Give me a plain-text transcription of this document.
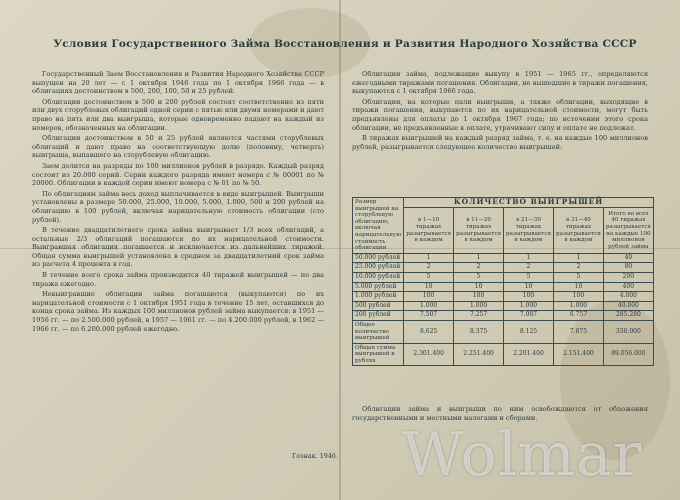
Условия Государственного Займа Восстановления и Развития Народного Хозяйства СССР

Государственный Заем Восстановления и Развития Народного Хозяйства СССР выпущен на 20 лет — с 1 октября 1946 года по 1 октября 1966 года — в облигациях достоинством в 500, 200, 100, 50 и 25 рублей.

Облигации достоинством в 500 и 200 рублей состоят соответственно из пяти или двух сторублевых облигаций одной серии с пятью или двумя номерами и дают право на пять или два выигрыша, которые одновременно падают на каждый из номеров, обозначенных на облигации.

Облигации достоинством в 50 и 25 рублей являются частями сторублевых облигаций и дают право на соответствующую долю (половину, четверть) выигрыша, выпавшего на сторублевую облигацию.

Заем делится на разряды по 100 миллионов рублей в разряде. Каждый разряд состоит из 20.000 серий. Серии каждого разряда имеют номера с № 00001 по № 20000. Облигации в каждой серии имеют номера с № 01 по № 50.

По облигациям займа весь доход выплачивается в виде выигрышей. Выигрыши установлены в размере 50.000, 25.000, 10.000, 5.000, 1.000, 500 и 200 рублей на облигацию в 100 рублей, включая нарицательную стоимость облигации (сто рублей).

В течение двадцатилетнего срока займа выигрывает 1/3 всех облигаций, а остальные 2/3 облигаций погашаются по их нарицательной стоимости. Выигравшая облигация погашается и исключается из дальнейших тиражей. Общая сумма выигрышей установлена в среднем за двадцатилетний срок займа из расчета 4 процента в год.

В течение всего срока займа производится 40 тиражей выигрышей — по два тиража ежегодно.

Невыигравшие облигации займа погашаются (выкупаются) по их нарицательной стоимости с 1 октября 1951 года в течение 15 лет, оставшихся до конца срока займа. Из каждых 100 миллионов рублей займа выкупается: в 1951 — 1956 гг. — по 2.500.000 рублей, в 1957 — 1961 гг. — по 4.200.000 рублей, в 1962 — 1966 гг. — по 6.200.000 рублей ежегодно.

Облигации займа, подлежащие выкупу в 1951 — 1965 гг., определяются ежегодными тиражами погашения. Облигации, не вышедшие в тиражи погашения, выкупаются с 1 октября 1966 года.

Облигации, на которые пали выигрыши, а также облигации, выходящие в тиражи погашения, выкупаются по их нарицательной стоимости, могут быть предъявлены для оплаты до 1 октября 1967 года; по истечении этого срока облигации, не предъявленные к оплате, утрачивают силу и оплате не подлежат.

В тиражах выигрышей на каждый разряд займа, т. е. на каждые 100 миллионов рублей, разыгрывается следующее количество выигрышей:

Размер выигрышей на сторублевую облигацию, включая нарицательную стоимость облигации	КОЛИЧЕСТВО ВЫИГРЫШЕЙ				
	в 1—10 тиражах разыгрывается в каждом	в 11—20 тиражах разыгрывается в каждом	в 21—30 тиражах разыгрывается в каждом	в 31—40 тиражах разыгрывается в каждом	Итого во всех 40 тиражах разыгрывается на каждые 100 миллионов рублей займа
50.000 рублей	1	1	1	1	40
25.000 рублей	2	2	2	2	80
10.000 рублей	5	5	5	5	200
5.000 рублей	10	10	10	10	400
1.000 рублей	100	100	100	100	4.000
500 рублей	1.000	1.000	1.000	1.000	40.000
200 рублей	7.507	7.257	7.007	6.757	285.280
Общее количество выигрышей	8.625	8.375	8.125	7.875	330.000
Общая сумма выигрышей в рублях	2.301.400	2.251.400	2.201.400	2.151.400	89.056.000
Облигации займа и выигрыши по ним освобождаются от обложения государственными и местными налогами и сборами.
Гознак. 1946. Wolmar
